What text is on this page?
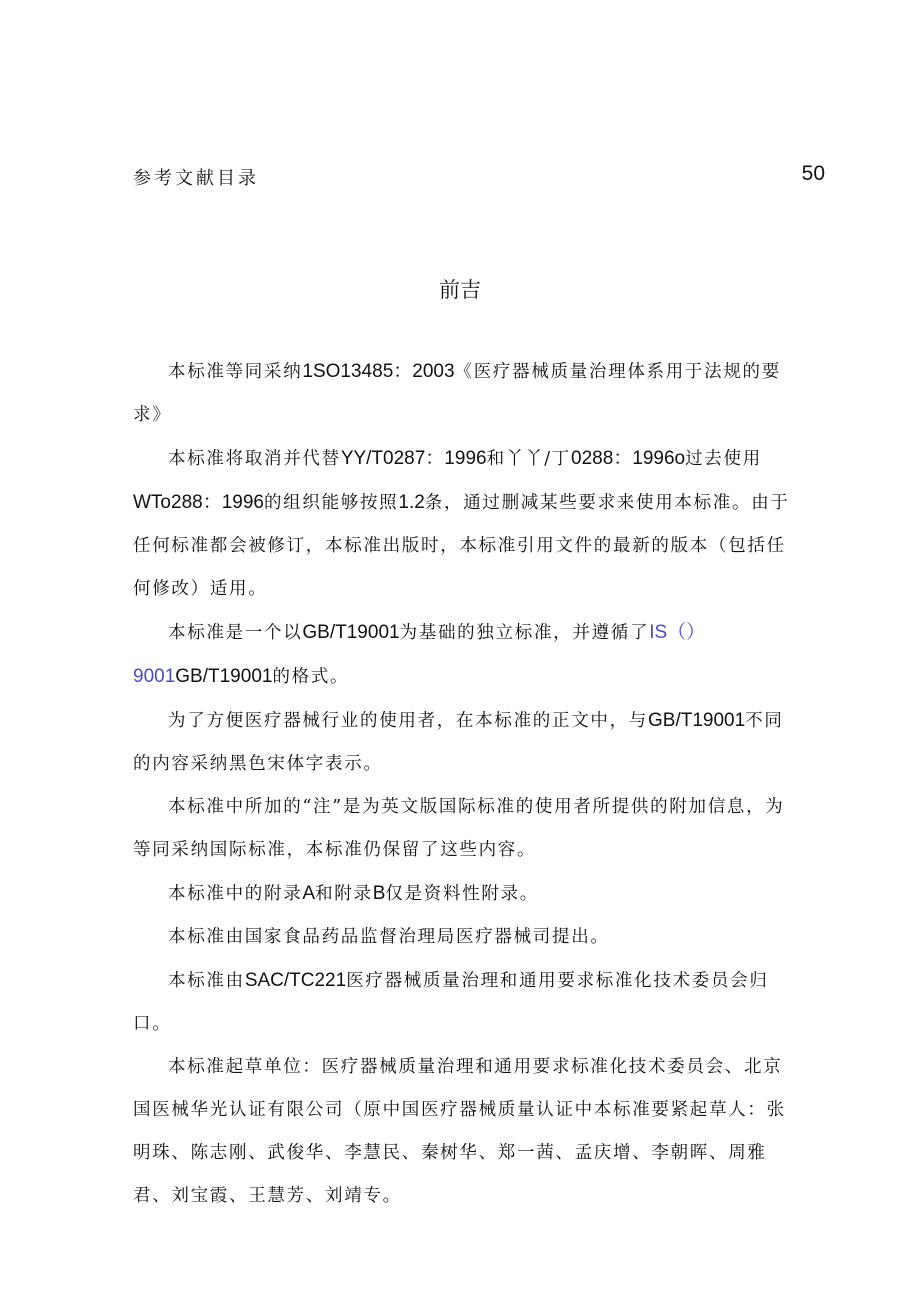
参考文献目录	50
前吉

本标准等同采纳1SO13485：2003《医疗器械质量治理体系用于法规的要求》

本标准将取消并代替YY/T0287：1996和丫丫/丁0288：1996o过去使用WTo288：1996的组织能够按照1.2条，通过删减某些要求来使用本标准。由于任何标准都会被修订，本标准出版时，本标准引用文件的最新的版本（包括任何修改）适用。

本标准是一个以GB/T19001为基础的独立标准，并遵循了IS（）9001GB/T19001的格式。

为了方便医疗器械行业的使用者，在本标准的正文中，与GB/T19001不同的内容采纳黑色宋体字表示。

本标准中所加的“注”是为英文版国际标准的使用者所提供的附加信息，为等同采纳国际标准，本标准仍保留了这些内容。

本标准中的附录A和附录B仅是资料性附录。

本标准由国家食品药品监督治理局医疗器械司提出。

本标准由SAC/TC221医疗器械质量治理和通用要求标准化技术委员会归口。

本标准起草单位：医疗器械质量治理和通用要求标准化技术委员会、北京国医械华光认证有限公司（原中国医疗器械质量认证中本标准要紧起草人：张明珠、陈志刚、武俊华、李慧民、秦树华、郑一茜、孟庆增、李朝晖、周雅君、刘宝霞、王慧芳、刘靖专。
